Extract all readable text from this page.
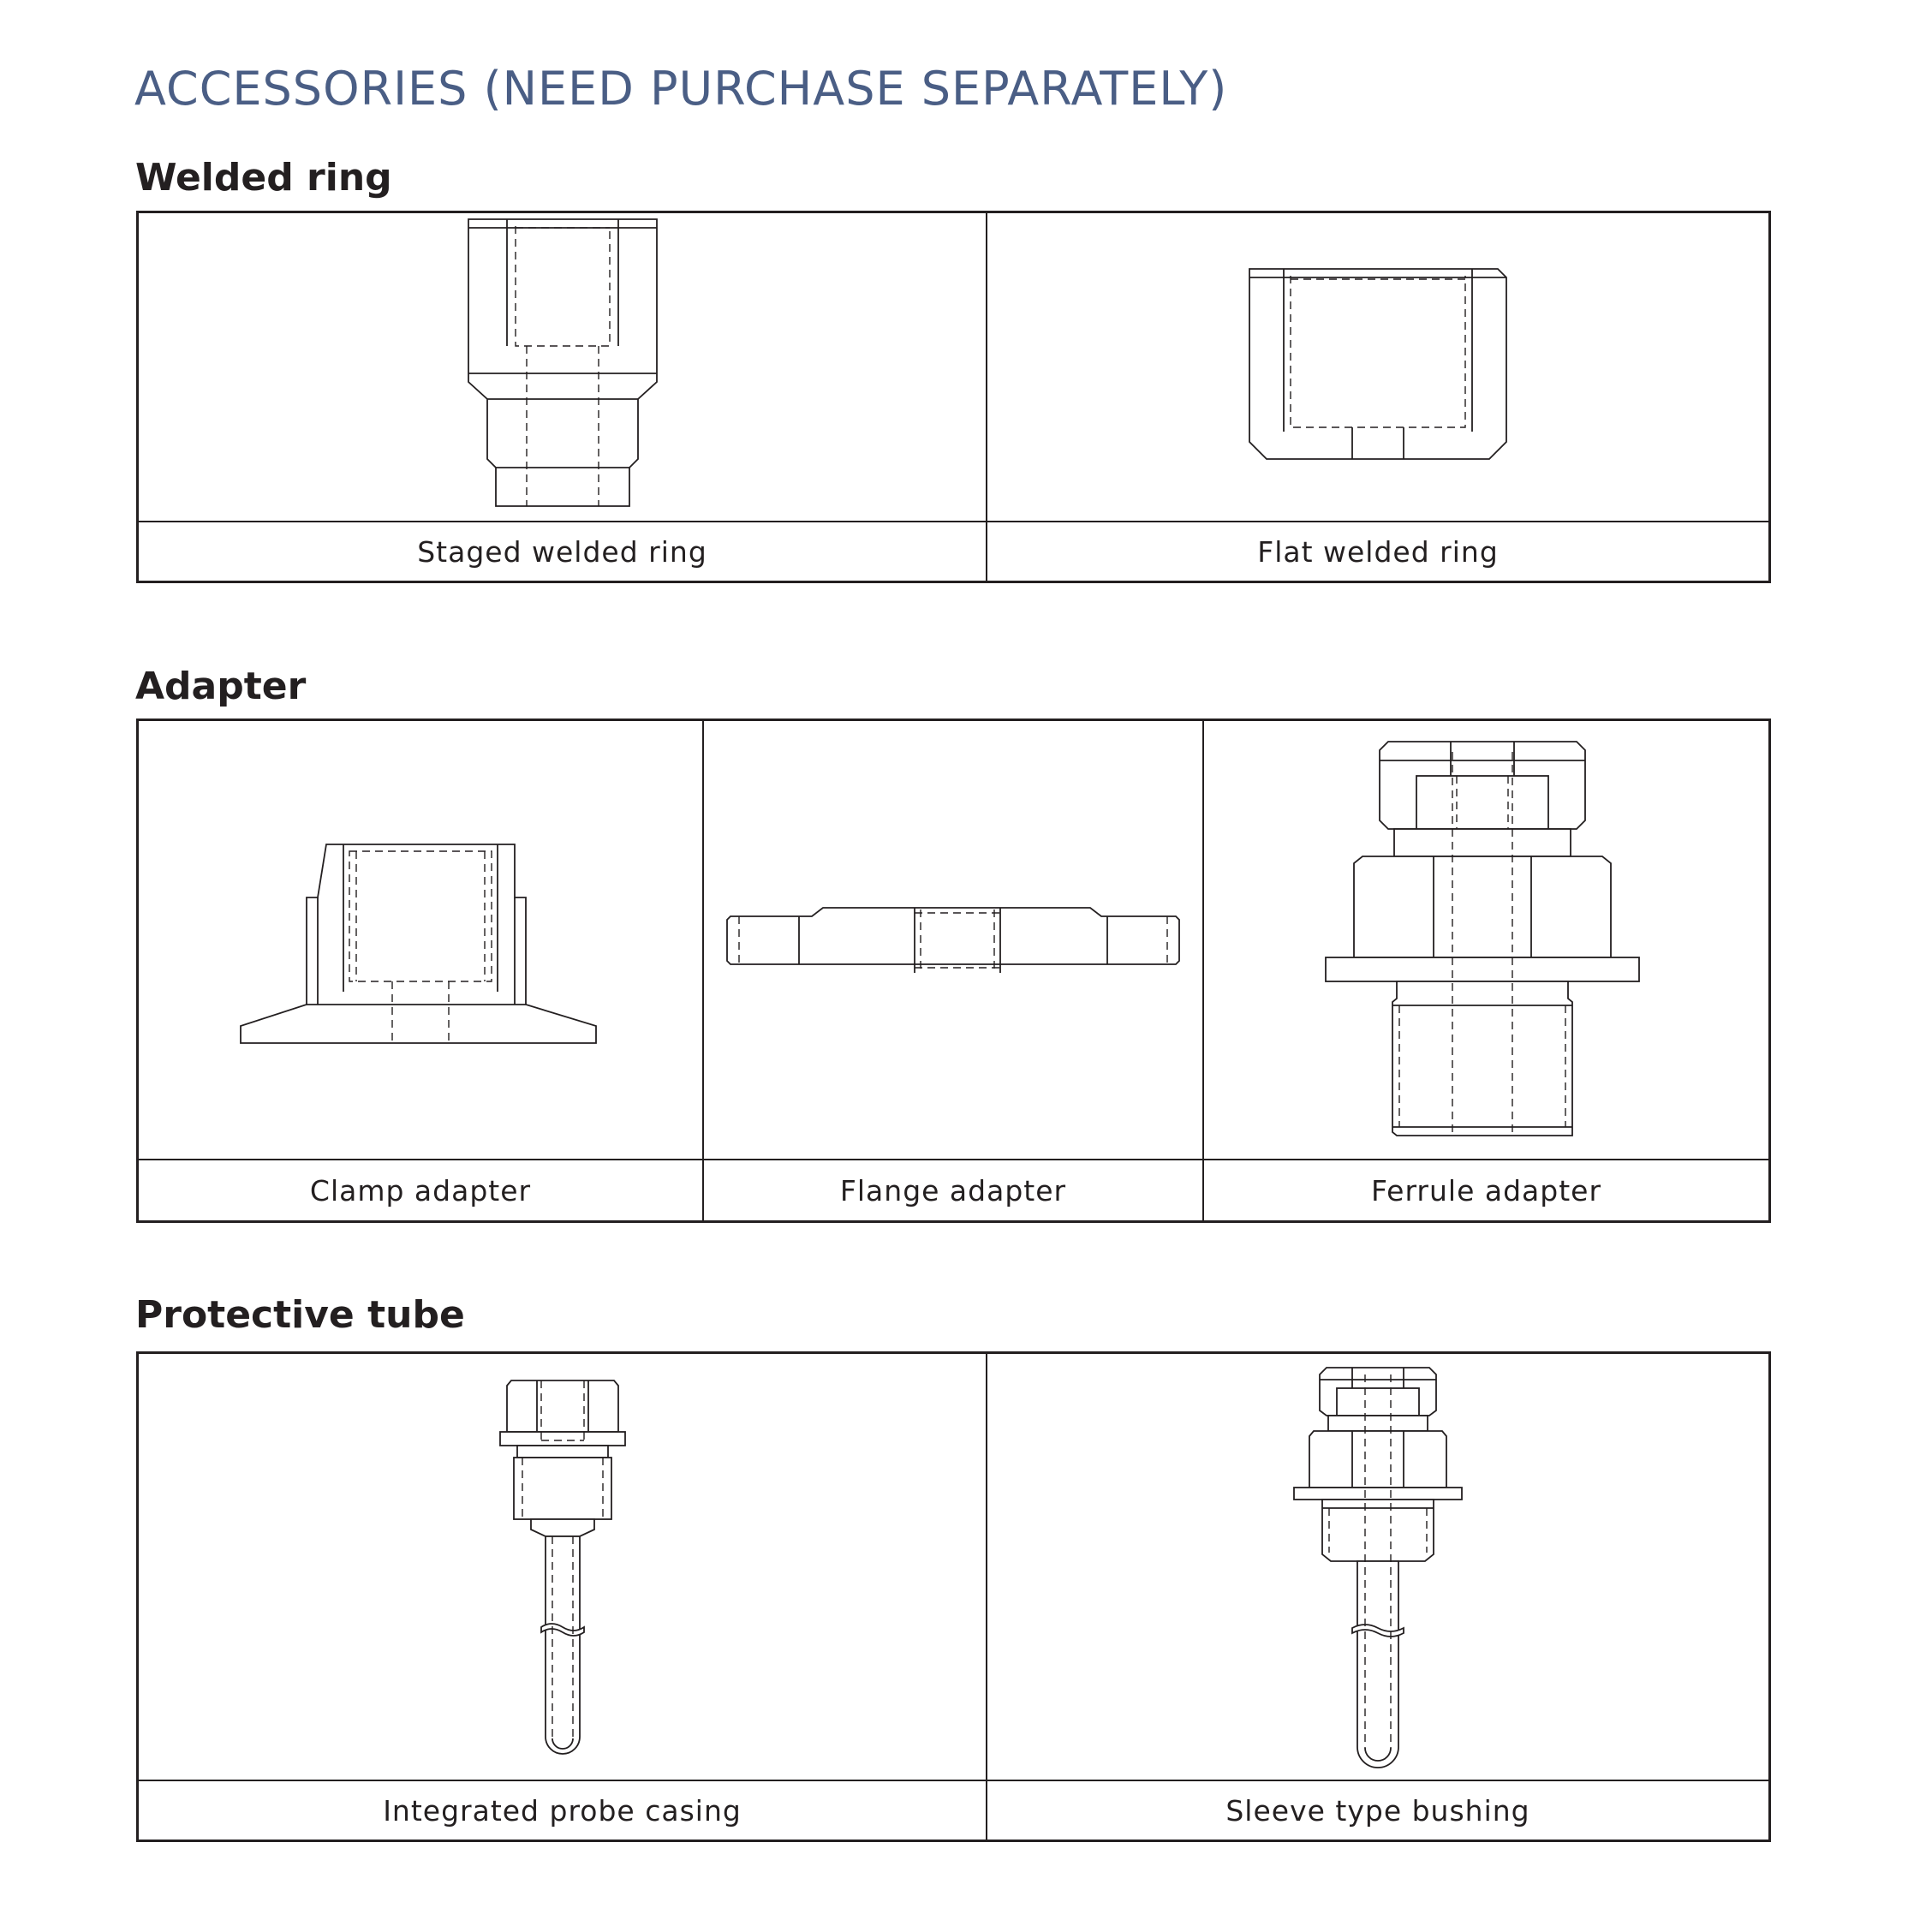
ACCESSORIES (NEED PURCHASE SEPARATELY)
Welded ring
Staged welded ring	Flat welded ring
Adapter
Clamp adapter	Flange adapter	Ferrule adapter
Protective tube
Integrated probe casing	Sleeve type bushing
